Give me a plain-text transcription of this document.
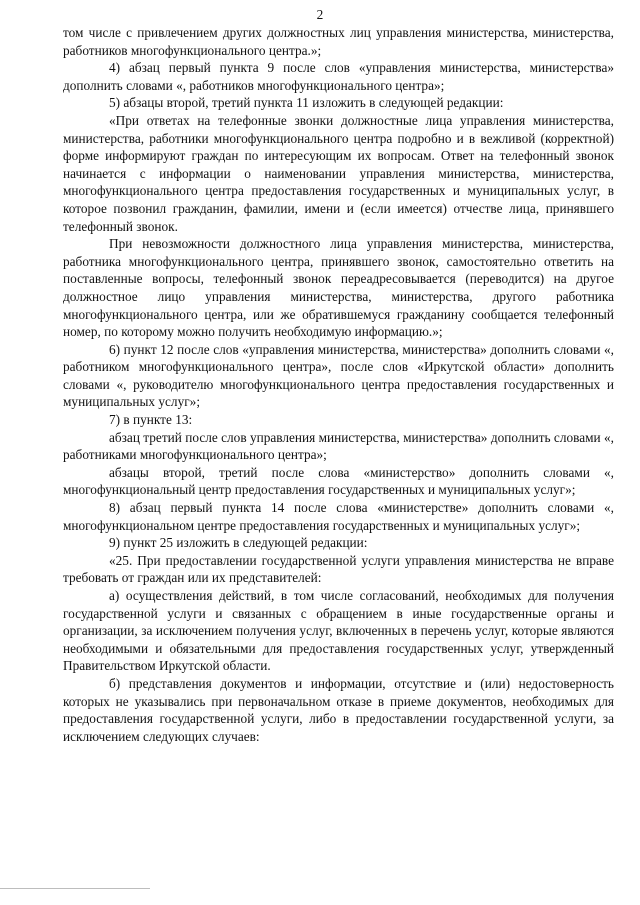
2

том числе с привлечением других должностных лиц управления министерства, министерства, работников многофункционального центра.»;

4) абзац первый пункта 9 после слов «управления министерства, министерства» дополнить словами «, работников многофункционального центра»;

5) абзацы второй, третий пункта 11 изложить в следующей редакции:

«При ответах на телефонные звонки должностные лица управления министерства, министерства, работники многофункционального центра подробно и в вежливой (корректной) форме информируют граждан по интересующим их вопросам. Ответ на телефонный звонок начинается с информации о наименовании управления министерства, министерства, многофункционального центра предоставления государственных и муниципальных услуг, в которое позвонил гражданин, фамилии, имени и (если имеется) отчестве лица, принявшего телефонный звонок.

При невозможности должностного лица управления министерства, министерства, работника многофункционального центра, принявшего звонок, самостоятельно ответить на поставленные вопросы, телефонный звонок переадресовывается (переводится) на другое должностное лицо управления министерства, министерства, другого работника многофункционального центра, или же обратившемуся гражданину сообщается телефонный номер, по которому можно получить необходимую информацию.»;

6) пункт 12 после слов «управления министерства, министерства» дополнить словами «, работником многофункционального центра», после слов «Иркутской области» дополнить словами «, руководителю многофункционального центра предоставления государственных и муниципальных услуг»;

7) в пункте 13:

абзац третий после слов управления министерства, министерства» дополнить словами «, работниками многофункционального центра»;

абзацы второй, третий после слова «министерство» дополнить словами «, многофункциональный центр предоставления государственных и муниципальных услуг»;

8) абзац первый пункта 14 после слова «министерстве» дополнить словами «, многофункциональном центре предоставления государственных и муниципальных услуг»;

9) пункт 25 изложить в следующей редакции:

«25. При предоставлении государственной услуги управления министерства не вправе требовать от граждан или их представителей:

а) осуществления действий, в том числе согласований, необходимых для получения государственной услуги и связанных с обращением в иные государственные органы и организации, за исключением получения услуг, включенных в перечень услуг, которые являются необходимыми и обязательными для предоставления государственных услуг, утвержденный Правительством Иркутской области.

б) представления документов и информации, отсутствие и (или) недостоверность которых не указывались при первоначальном отказе в приеме документов, необходимых для предоставления государственной услуги, либо в предоставлении государственной услуги, за исключением следующих случаев:
